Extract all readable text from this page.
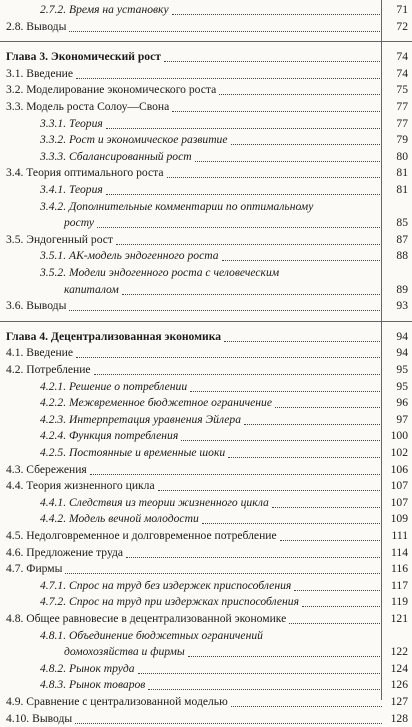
2.7.2. Время на установку	71
2.8. Выводы	72
Глава 3. Экономический рост	74
3.1. Введение	74
3.2. Моделирование экономического роста	75
3.3. Модель роста Солоу—Свона	77
3.3.1. Теория	77
3.3.2. Рост и экономическое развитие	79
3.3.3. Сбалансированный рост	80
3.4. Теория оптимального роста	81
3.4.1. Теория	81
3.4.2. Дополнительные комментарии по оптимальному
росту	85
3.5. Эндогенный рост	87
3.5.1. АК-модель эндогенного роста	88
3.5.2. Модели эндогенного роста с человеческим
капиталом	89
3.6. Выводы	93
Глава 4. Децентрализованная экономика	94
4.1. Введение	94
4.2. Потребление	95
4.2.1. Решение о потреблении	95
4.2.2. Межвременное бюджетное ограничение	96
4.2.3. Интерпретация уравнения Эйлера	97
4.2.4. Функция потребления	100
4.2.5. Постоянные и временные шоки	102
4.3. Сбережения	106
4.4. Теория жизненного цикла	107
4.4.1. Следствия из теории жизненного цикла	107
4.4.2. Модель вечной молодости	109
4.5. Недолговременное и долговременное потребление	111
4.6. Предложение труда	114
4.7. Фирмы	116
4.7.1. Спрос на труд без издержек приспособления	117
4.7.2. Спрос на труд при издержках приспособления	119
4.8. Общее равновесие в децентрализованной экономике	121
4.8.1. Объединение бюджетных ограничений
домохозяйства и фирмы	122
4.8.2. Рынок труда	124
4.8.3. Рынок товаров	126
4.9. Сравнение с централизованной моделью	127
4.10. Выводы	128
